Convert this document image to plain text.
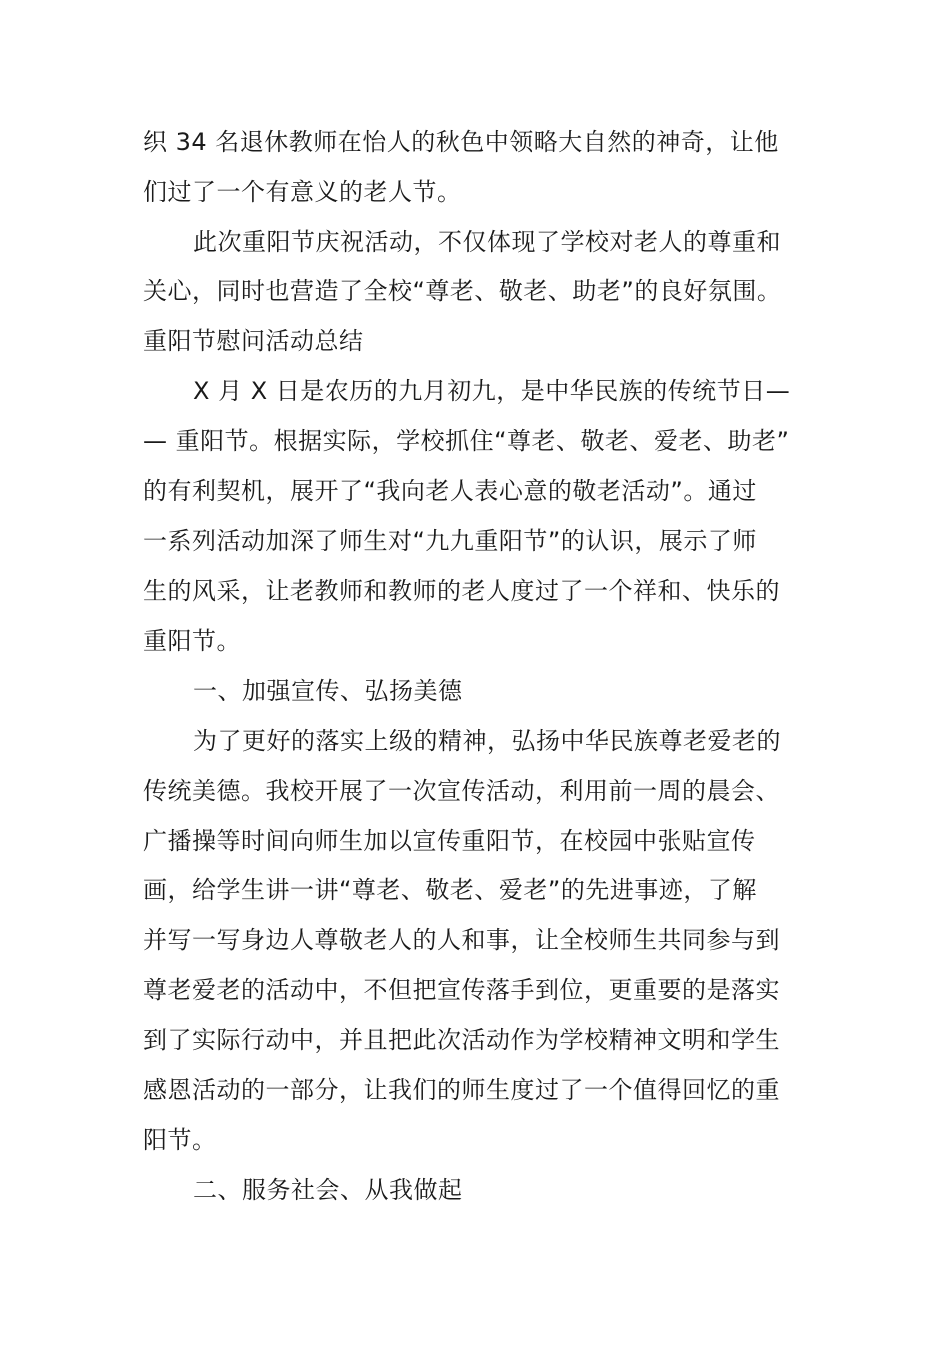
织 34 名退休教师在怡人的秋色中领略大自然的神奇，让他
们过了一个有意义的老人节。
此次重阳节庆祝活动，不仅体现了学校对老人的尊重和
关心，同时也营造了全校“尊老、敬老、助老”的良好氛围。
重阳节慰问活动总结
X 月 X 日是农历的九月初九，是中华民族的传统节日—
— 重阳节。根据实际，学校抓住“尊老、敬老、爱老、助老”
的有利契机，展开了“我向老人表心意的敬老活动”。通过
一系列活动加深了师生对“九九重阳节”的认识，展示了师
生的风采，让老教师和教师的老人度过了一个祥和、快乐的
重阳节。
一、加强宣传、弘扬美德
为了更好的落实上级的精神，弘扬中华民族尊老爱老的
传统美德。我校开展了一次宣传活动，利用前一周的晨会、
广播操等时间向师生加以宣传重阳节，在校园中张贴宣传
画，给学生讲一讲“尊老、敬老、爱老”的先进事迹，了解
并写一写身边人尊敬老人的人和事，让全校师生共同参与到
尊老爱老的活动中，不但把宣传落手到位，更重要的是落实
到了实际行动中，并且把此次活动作为学校精神文明和学生
感恩活动的一部分，让我们的师生度过了一个值得回忆的重
阳节。
二、服务社会、从我做起
